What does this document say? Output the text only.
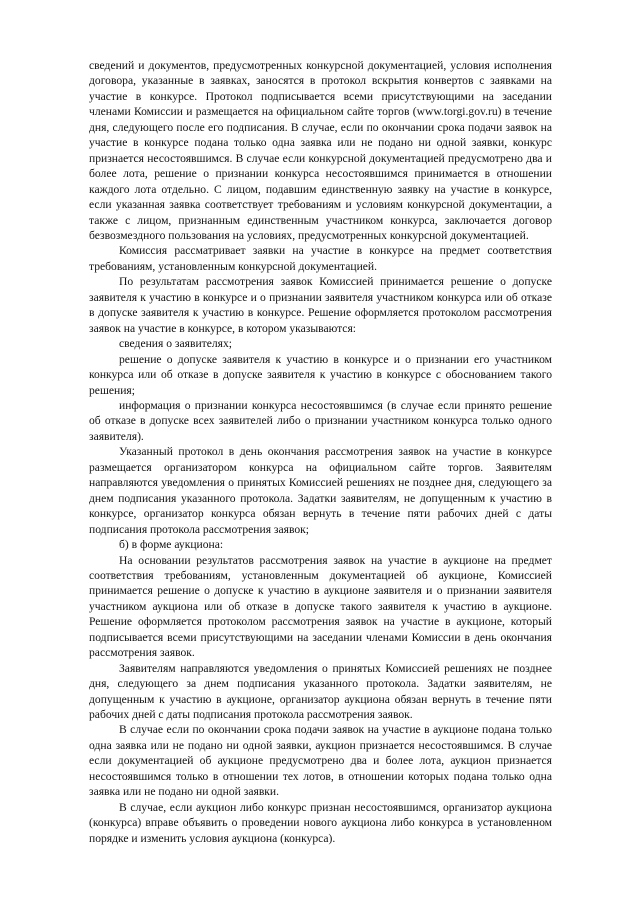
сведений и документов, предусмотренных конкурсной документацией, условия исполнения договора, указанные в заявках, заносятся в протокол вскрытия конвертов с заявками на участие в конкурсе. Протокол подписывается всеми присутствующими на заседании членами Комиссии и размещается на официальном сайте торгов (www.torgi.gov.ru) в течение дня, следующего после его подписания. В случае, если по окончании срока подачи заявок на участие в конкурсе подана только одна заявка или не подано ни одной заявки, конкурс признается несостоявшимся. В случае если конкурсной документацией предусмотрено два и более лота, решение о признании конкурса несостоявшимся принимается в отношении каждого лота отдельно. С лицом, подавшим единственную заявку на участие в конкурсе, если указанная заявка соответствует требованиям и условиям конкурсной документации, а также с лицом, признанным единственным участником конкурса, заключается договор безвозмездного пользования на условиях, предусмотренных конкурсной документацией.

Комиссия рассматривает заявки на участие в конкурсе на предмет соответствия требованиям, установленным конкурсной документацией.

По результатам рассмотрения заявок Комиссией принимается решение о допуске заявителя к участию в конкурсе и о признании заявителя участником конкурса или об отказе в допуске заявителя к участию в конкурсе. Решение оформляется протоколом рассмотрения заявок на участие в конкурсе, в котором указываются:

сведения о заявителях;

решение о допуске заявителя к участию в конкурсе и о признании его участником конкурса или об отказе в допуске заявителя к участию в конкурсе с обоснованием такого решения;

информация о признании конкурса несостоявшимся (в случае если принято решение об отказе в допуске всех заявителей либо о признании участником конкурса только одного заявителя).

Указанный протокол в день окончания рассмотрения заявок на участие в конкурсе размещается организатором конкурса на официальном сайте торгов. Заявителям направляются уведомления о принятых Комиссией решениях не позднее дня, следующего за днем подписания указанного протокола. Задатки заявителям, не допущенным к участию в конкурсе, организатор конкурса обязан вернуть в течение пяти рабочих дней с даты подписания протокола рассмотрения заявок;

б) в форме аукциона:

На основании результатов рассмотрения заявок на участие в аукционе на предмет соответствия требованиям, установленным документацией об аукционе, Комиссией принимается решение о допуске к участию в аукционе заявителя и о признании заявителя участником аукциона или об отказе в допуске такого заявителя к участию в аукционе. Решение оформляется протоколом рассмотрения заявок на участие в аукционе, который подписывается всеми присутствующими на заседании членами Комиссии в день окончания рассмотрения заявок.

Заявителям направляются уведомления о принятых Комиссией решениях не позднее дня, следующего за днем подписания указанного протокола. Задатки заявителям, не допущенным к участию в аукционе, организатор аукциона обязан вернуть в течение пяти рабочих дней с даты подписания протокола рассмотрения заявок.

В случае если по окончании срока подачи заявок на участие в аукционе подана только одна заявка или не подано ни одной заявки, аукцион признается несостоявшимся. В случае если документацией об аукционе предусмотрено два и более лота, аукцион признается несостоявшимся только в отношении тех лотов, в отношении которых подана только одна заявка или не подано ни одной заявки.

В случае, если аукцион либо конкурс признан несостоявшимся, организатор аукциона (конкурса) вправе объявить о проведении нового аукциона либо конкурса в установленном порядке и изменить условия аукциона (конкурса).
